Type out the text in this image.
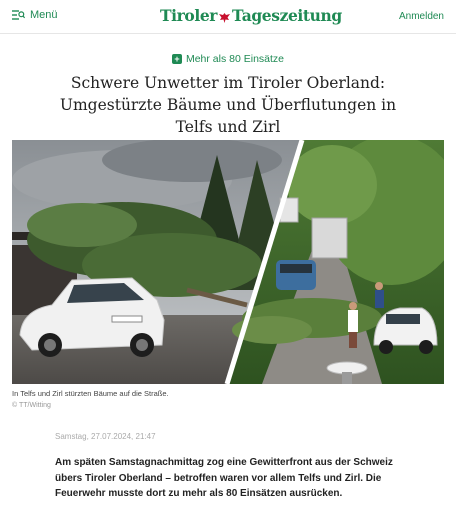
Menü	Tiroler Tageszeitung	Anmelden
+ Mehr als 80 Einsätze
Schwere Unwetter im Tiroler Oberland: Umgestürzte Bäume und Überflutungen in Telfs und Zirl
In Telfs und Zirl stürzten Bäume auf die Straße.
© TT/Witting
Samstag, 27.07.2024, 21:47

Am späten Samstagnachmittag zog eine Gewitterfront aus der Schweiz übers Tiroler Oberland – betroffen waren vor allem Telfs und Zirl. Die Feuerwehr musste dort zu mehr als 80 Einsätzen ausrücken.
